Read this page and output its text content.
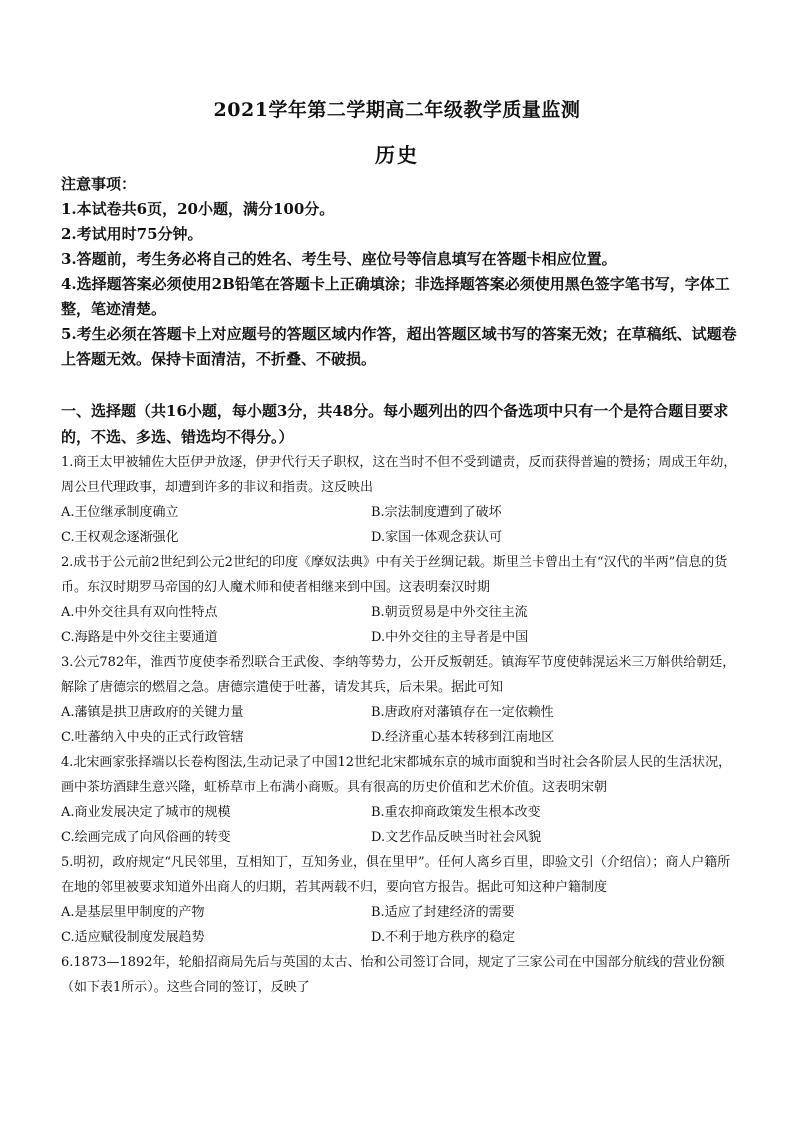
2021学年第二学期高二年级教学质量监测
历史
注意事项：
1.本试卷共6页，20小题，满分100分。
2.考试用时75分钟。
3.答题前，考生务必将自己的姓名、考生号、座位号等信息填写在答题卡相应位置。
4.选择题答案必须使用2B铅笔在答题卡上正确填涂；非选择题答案必须使用黑色签字笔书写，字体工整，笔迹清楚。
5.考生必须在答题卡上对应题号的答题区域内作答，超出答题区域书写的答案无效；在草稿纸、试题卷上答题无效。保持卡面清洁，不折叠、不破损。
一、选择题（共16小题，每小题3分，共48分。每小题列出的四个备选项中只有一个是符合题目要求的，不选、多选、错选均不得分。）
1.商王太甲被辅佐大臣伊尹放逐，伊尹代行天子职权，这在当时不但不受到谴责，反而获得普遍的赞扬；周成王年幼，周公旦代理政事，却遭到许多的非议和指责。这反映出
A.王位继承制度确立	B.宗法制度遭到了破坏
C.王权观念逐渐强化	D.家国一体观念获认可
2.成书于公元前2世纪到公元2世纪的印度《摩奴法典》中有关于丝绸记载。斯里兰卡曾出土有“汉代的半两”信息的货币。东汉时期罗马帝国的幻人魔术师和使者相继来到中国。这表明秦汉时期
A.中外交往具有双向性特点	B.朝贡贸易是中外交往主流
C.海路是中外交往主要通道	D.中外交往的主导者是中国
3.公元782年，淮西节度使李希烈联合王武俊、李纳等势力，公开反叛朝廷。镇海军节度使韩滉运米三万斛供给朝廷，解除了唐德宗的燃眉之急。唐德宗遣使于吐蕃，请发其兵，后未果。据此可知
A.藩镇是拱卫唐政府的关键力量	B.唐政府对藩镇存在一定依赖性
C.吐蕃纳入中央的正式行政管辖	D.经济重心基本转移到江南地区
4.北宋画家张择端以长卷构图法,生动记录了中国12世纪北宋都城东京的城市面貌和当时社会各阶层人民的生活状况，画中茶坊酒肆生意兴隆，虹桥草市上布满小商贩。具有很高的历史价值和艺术价值。这表明宋朝
A.商业发展决定了城市的规模	B.重农抑商政策发生根本改变
C.绘画完成了向风俗画的转变	D.文艺作品反映当时社会风貌
5.明初，政府规定“凡民邻里，互相知丁，互知务业，俱在里甲”。任何人离乡百里，即验文引（介绍信）；商人户籍所在地的邻里被要求知道外出商人的归期，若其两载不归，要向官方报告。据此可知这种户籍制度
A.是基层里甲制度的产物	B.适应了封建经济的需要
C.适应赋役制度发展趋势	D.不利于地方秩序的稳定
6.1873—1892年，轮船招商局先后与英国的太古、怡和公司签订合同，规定了三家公司在中国部分航线的营业份额（如下表1所示）。这些合同的签订，反映了
